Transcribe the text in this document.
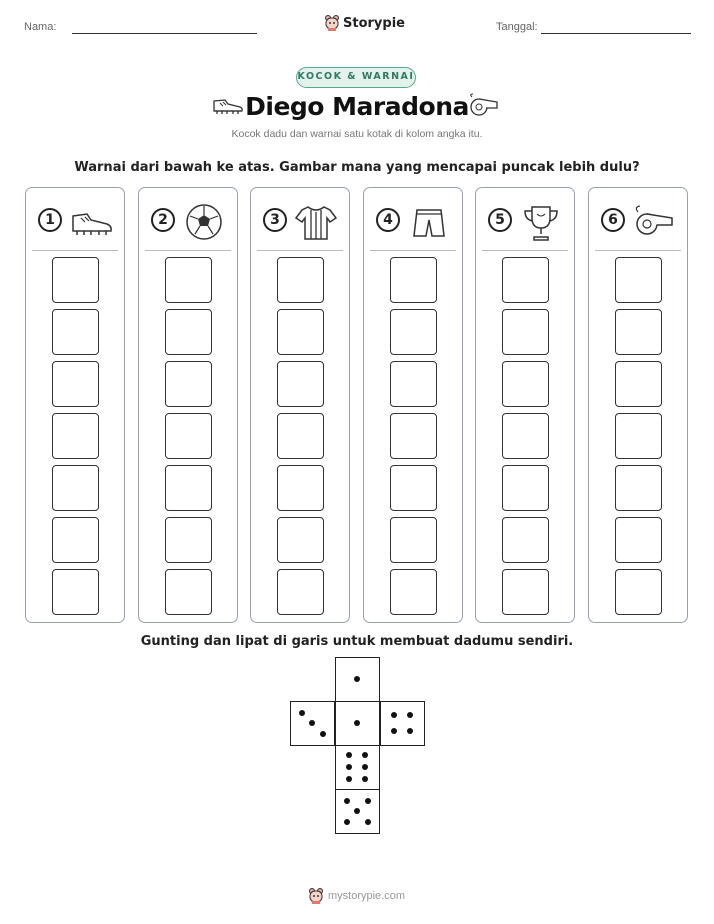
Nama:	Storypie	Tanggal:
KOCOK & WARNAI
Diego Maradona
Kocok dadu dan warnai satu kotak di kolom angka itu.
Warnai dari bawah ke atas. Gambar mana yang mencapai puncak lebih dulu?
1	2	3	4	5	6
Gunting dan lipat di garis untuk membuat dadumu sendiri.
mystorypie.com
